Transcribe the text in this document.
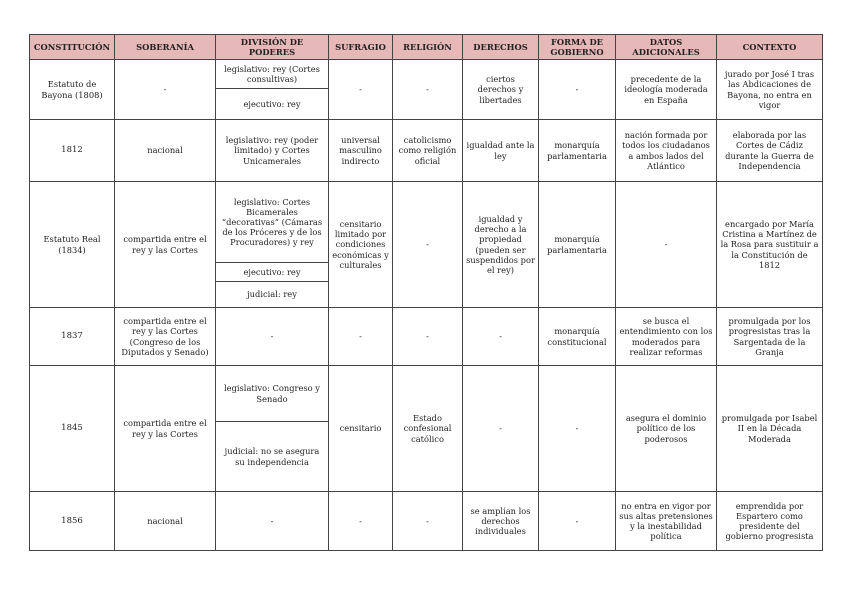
CONSTITUCIÓN	SOBERANÍA	DIVISIÓN DE PODERES	SUFRAGIO	RELIGIÓN	DERECHOS	FORMA DE GOBIERNO	DATOS ADICIONALES	CONTEXTO
Estatuto de Bayona (1808)	-	legislativo: rey (Cortes consultivas)	-	-	ciertos derechos y libertades	-	precedente de la ideología moderada en España	jurado por José I tras las Abdicaciones de Bayona, no entra en vigor
		ejecutivo: rey						
1812	nacional	legislativo: rey (poder limitado) y Cortes Unicamerales	universal masculino indirecto	catolicismo como religión oficial	igualdad ante la ley	monarquía parlamentaria	nación formada por todos los ciudadanos a ambos lados del Atlántico	elaborada por las Cortes de Cádiz durante la Guerra de Independencia
Estatuto Real (1834)	compartida entre el rey y las Cortes	legislativo: Cortes Bicamerales “decorativas” (Cámaras de los Próceres y de los Procuradores) y rey	censitario limitado por condiciones económicas y culturales	-	igualdad y derecho a la propiedad (pueden ser suspendidos por el rey)	monarquía parlamentaria	-	encargado por María Cristina a Martínez de la Rosa para sustituir a la Constitución de 1812
		ejecutivo: rey						
		judicial: rey						
1837	compartida entre el rey y las Cortes (Congreso de los Diputados y Senado)	-	-	-	-	monarquía constitucional	se busca el entendimiento con los moderados para realizar reformas	promulgada por los progresistas tras la Sargentada de la Granja
1845	compartida entre el rey y las Cortes	legislativo: Congreso y Senado	censitario	Estado confesional católico	-	-	asegura el dominio político de los poderosos	promulgada por Isabel II en la Década Moderada
		judicial: no se asegura su independencia						
1856	nacional	-	-	-	se amplían los derechos individuales	-	no entra en vigor por sus altas pretensiones y la inestabilidad política	emprendida por Espartero como presidente del gobierno progresista
